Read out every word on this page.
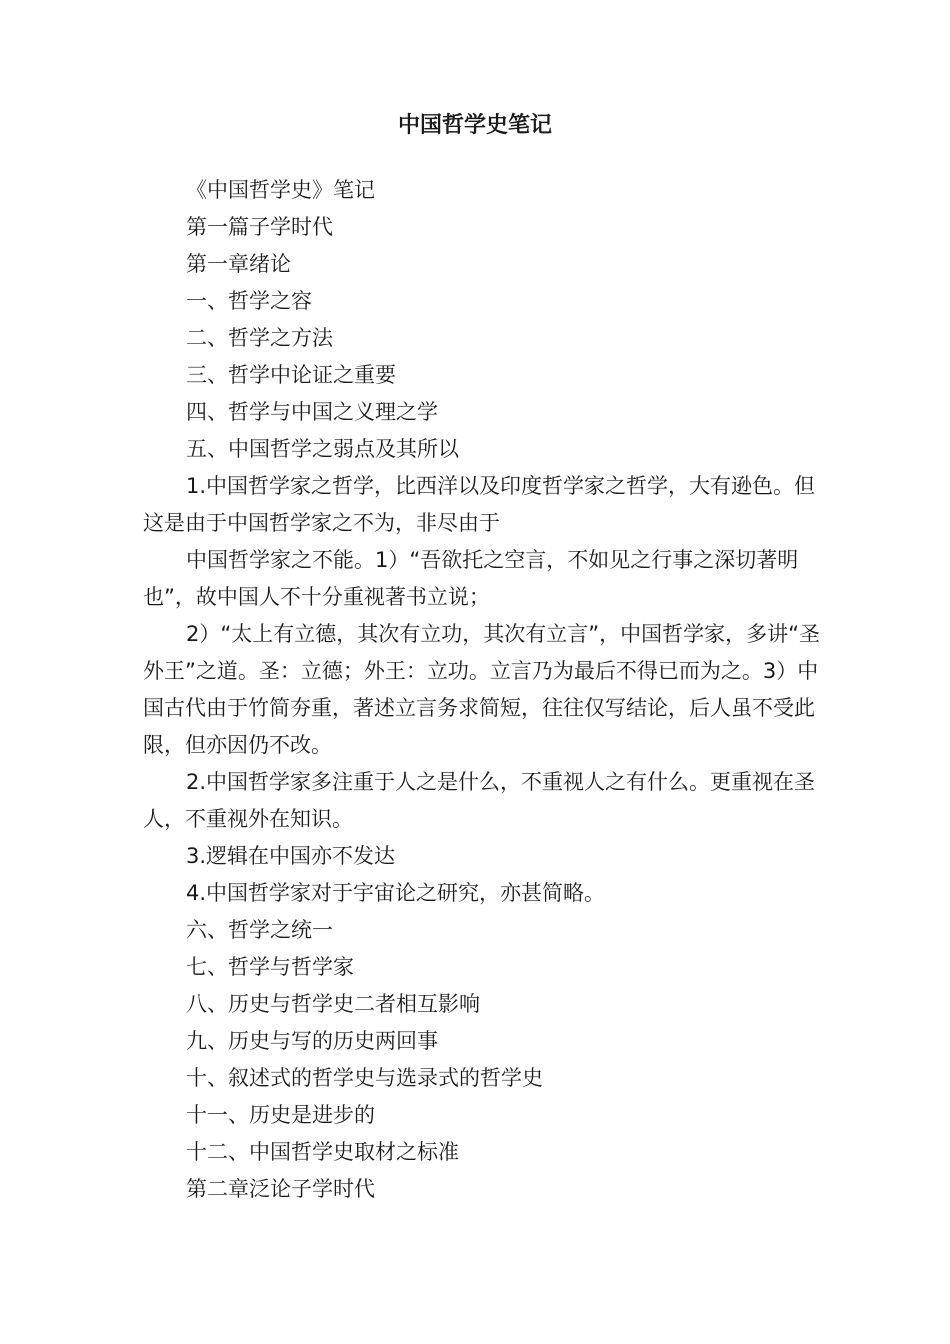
中国哲学史笔记

《中国哲学史》笔记

第一篇子学时代

第一章绪论

一、哲学之容

二、哲学之方法

三、哲学中论证之重要

四、哲学与中国之义理之学

五、中国哲学之弱点及其所以

1.中国哲学家之哲学，比西洋以及印度哲学家之哲学，大有逊色。但这是由于中国哲学家之不为，非尽由于

中国哲学家之不能。1）“吾欲托之空言，不如见之行事之深切著明也”，故中国人不十分重视著书立说；

2）“太上有立德，其次有立功，其次有立言”，中国哲学家，多讲“圣外王”之道。圣：立德；外王：立功。立言乃为最后不得已而为之。3）中国古代由于竹简夯重，著述立言务求简短，往往仅写结论，后人虽不受此限，但亦因仍不改。

2.中国哲学家多注重于人之是什么，不重视人之有什么。更重视在圣人，不重视外在知识。

3.逻辑在中国亦不发达

4.中国哲学家对于宇宙论之研究，亦甚简略。

六、哲学之统一

七、哲学与哲学家

八、历史与哲学史二者相互影响

九、历史与写的历史两回事

十、叙述式的哲学史与选录式的哲学史

十一、历史是进步的

十二、中国哲学史取材之标准

第二章泛论子学时代
